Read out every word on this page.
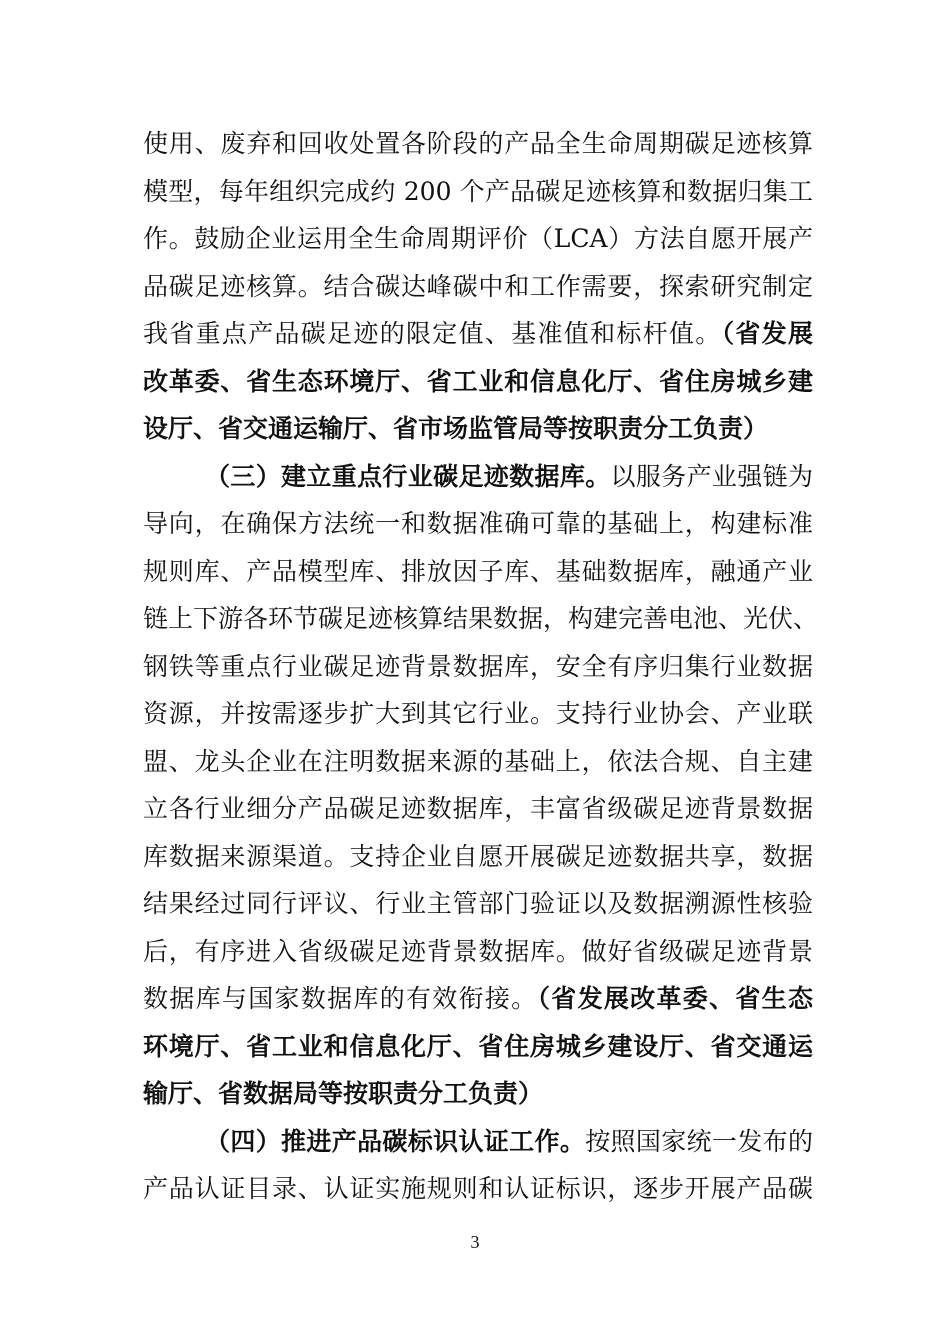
使用、废弃和回收处置各阶段的产品全生命周期碳足迹核算
模型，每年组织完成约 200 个产品碳足迹核算和数据归集工
作。鼓励企业运用全生命周期评价（LCA）方法自愿开展产
品碳足迹核算。结合碳达峰碳中和工作需要，探索研究制定
我省重点产品碳足迹的限定值、基准值和标杆值。（省发展
改革委、省生态环境厅、省工业和信息化厅、省住房城乡建
设厅、省交通运输厅、省市场监管局等按职责分工负责）
（三）建立重点行业碳足迹数据库。以服务产业强链为
导向，在确保方法统一和数据准确可靠的基础上，构建标准
规则库、产品模型库、排放因子库、基础数据库，融通产业
链上下游各环节碳足迹核算结果数据，构建完善电池、光伏、
钢铁等重点行业碳足迹背景数据库，安全有序归集行业数据
资源，并按需逐步扩大到其它行业。支持行业协会、产业联
盟、龙头企业在注明数据来源的基础上，依法合规、自主建
立各行业细分产品碳足迹数据库，丰富省级碳足迹背景数据
库数据来源渠道。支持企业自愿开展碳足迹数据共享，数据
结果经过同行评议、行业主管部门验证以及数据溯源性核验
后，有序进入省级碳足迹背景数据库。做好省级碳足迹背景
数据库与国家数据库的有效衔接。（省发展改革委、省生态
环境厅、省工业和信息化厅、省住房城乡建设厅、省交通运
输厅、省数据局等按职责分工负责）
（四）推进产品碳标识认证工作。按照国家统一发布的
产品认证目录、认证实施规则和认证标识，逐步开展产品碳
3
